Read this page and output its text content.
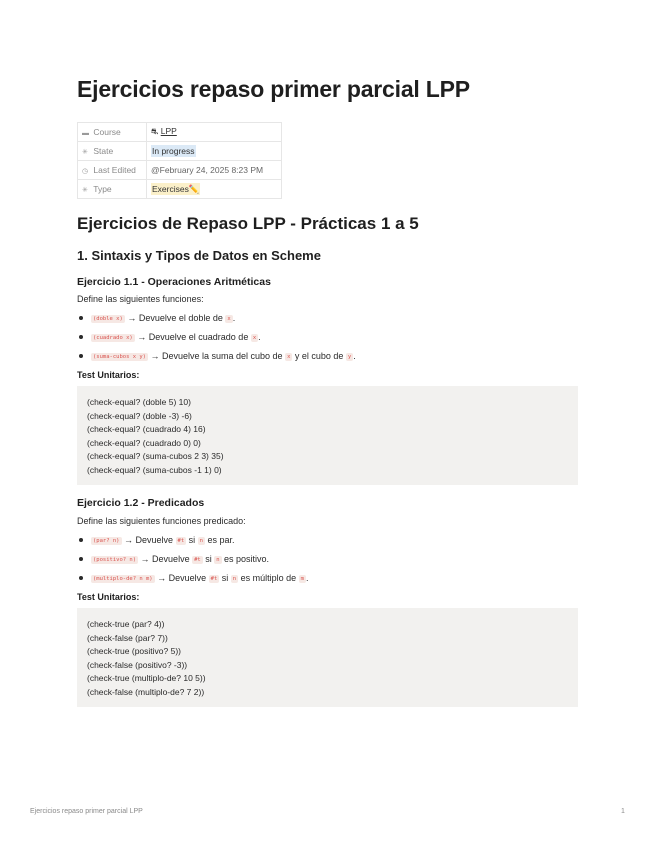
Ejercicios repaso primer parcial LPP
▬ Course	⛐ LPP
✳ State	In progress
◷ Last Edited	@February 24, 2025 8:23 PM
✳ Type	Exercises✏️
Ejercicios de Repaso LPP - Prácticas 1 a 5
1. Sintaxis y Tipos de Datos en Scheme
Ejercicio 1.1 - Operaciones Aritméticas

Define las siguientes funciones:

(doble x) → Devuelve el doble de x .
(cuadrado x) → Devuelve el cuadrado de x .
(suma-cubos x y) → Devuelve la suma del cubo de x y el cubo de y .

Test Unitarios:

(check-equal? (doble 5) 10)
(check-equal? (doble -3) -6)
(check-equal? (cuadrado 4) 16)
(check-equal? (cuadrado 0) 0)
(check-equal? (suma-cubos 2 3) 35)
(check-equal? (suma-cubos -1 1) 0)
Ejercicio 1.2 - Predicados

Define las siguientes funciones predicado:

(par? n) → Devuelve #t si n es par.
(positivo? n) → Devuelve #t si n es positivo.
(multiplo-de? n m) → Devuelve #t si n es múltiplo de m .

Test Unitarios:

(check-true (par? 4))
(check-false (par? 7))
(check-true (positivo? 5))
(check-false (positivo? -3))
(check-true (multiplo-de? 10 5))
(check-false (multiplo-de? 7 2))
Ejercicios repaso primer parcial LPP	1
